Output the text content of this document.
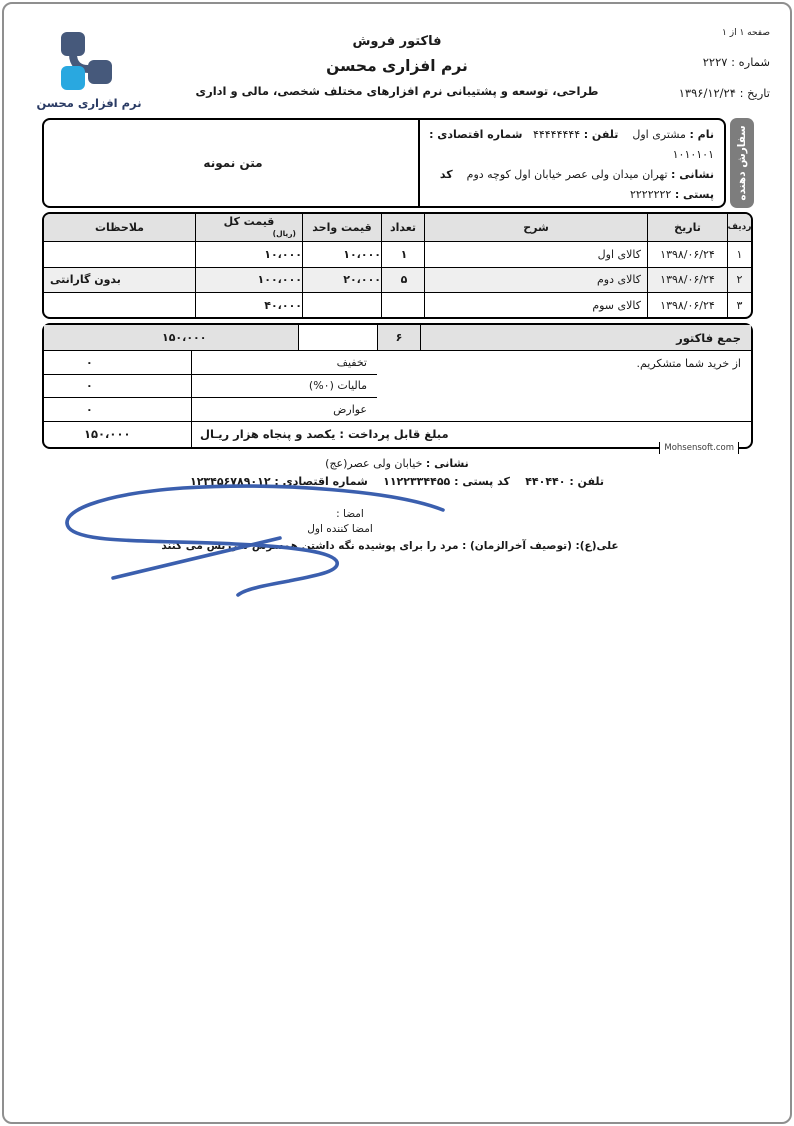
نرم افزاری محسن
فاکتور فروش
نرم افزاری محسن
طراحی، توسعه و پشتیبانی نرم افزارهای مختلف شخصی، مالی و اداری
صفحه ۱ از ۱
شماره : ۲۲۲۷
تاریخ : ۱۳۹۶/۱۲/۲۴
نام : مشتری اول    تلفن : ۴۴۴۴۴۴۴۴   شماره اقتصادی : ۱۰۱۰۱۰۱
نشانی : تهران میدان ولی عصر خیابان اول کوچه دوم    کد پستی : ۲۲۲۲۲۲۲
متن نمونه	سفارش دهنده
ردیف
تاریخ
شرح
تعداد
قیمت واحد
قیمت کل
(ریال)
ملاحظات
۱
۱۳۹۸/۰۶/۲۴
کالای اول
۱
۱۰،۰۰۰
۱۰،۰۰۰
۲
۱۳۹۸/۰۶/۲۴
کالای دوم
۵
۲۰،۰۰۰
۱۰۰،۰۰۰
بدون گارانتی
۳
۱۳۹۸/۰۶/۲۴
کالای سوم
۴۰،۰۰۰
جمع فاکتور
۶
۱۵۰،۰۰۰
از خرید شما متشکریم.
تخفیف
۰
مالیات (۰%)
۰
عوارض
۰
مبلغ قابل پرداخت : یکصد و پنجاه هزار ریـال
۱۵۰،۰۰۰
Mohsensoft.com
نشانی : خیابان ولی عصر(عج)
تلفن : ۴۴۰۴۴۰    کد پستی : ۱۱۲۲۳۳۴۴۵۵    شماره اقتصادی : ۱۲۳۴۵۶۷۸۹۰۱۲
امضا :
امضا کننده اول
علی(ع): (توصیف آخرالزمان) : مرد را برای پوشیده نگه داشتن همسرش سرزنش می کنند
